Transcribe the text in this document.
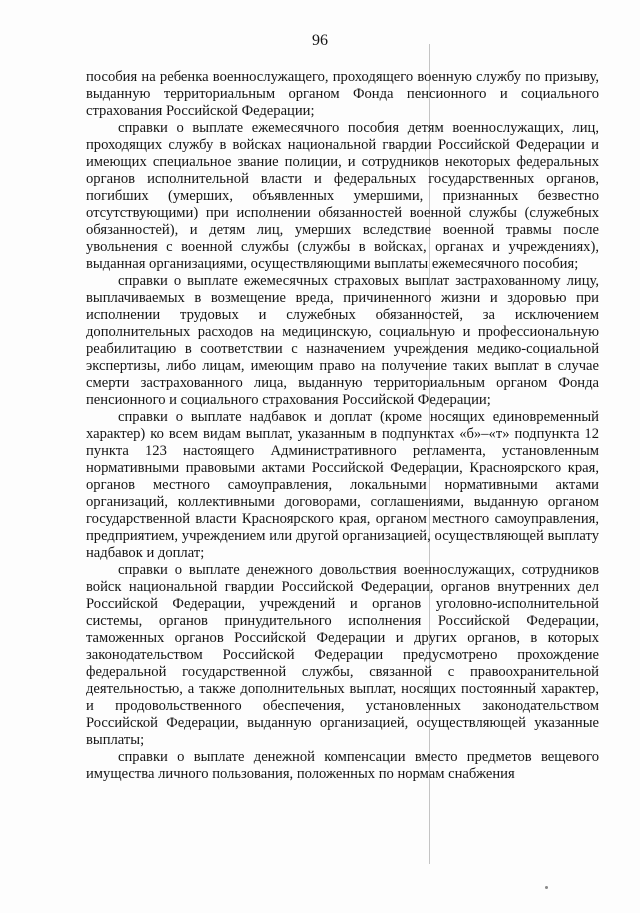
96

пособия на ребенка военнослужащего, проходящего военную службу по призыву, выданную территориальным органом Фонда пенсионного и социального страхования Российской Федерации;

справки о выплате ежемесячного пособия детям военнослужащих, лиц, проходящих службу в войсках национальной гвардии Российской Федерации и имеющих специальное звание полиции, и сотрудников некоторых федеральных органов исполнительной власти и федеральных государственных органов, погибших (умерших, объявленных умершими, признанных безвестно отсутствующими) при исполнении обязанностей военной службы (служебных обязанностей), и детям лиц, умерших вследствие военной травмы после увольнения с военной службы (службы в войсках, органах и учреждениях), выданная организациями, осуществляющими выплаты ежемесячного пособия;

справки о выплате ежемесячных страховых выплат застрахованному лицу, выплачиваемых в возмещение вреда, причиненного жизни и здоровью при исполнении трудовых и служебных обязанностей, за исключением дополнительных расходов на медицинскую, социальную и профессиональную реабилитацию в соответствии с назначением учреждения медико-социальной экспертизы, либо лицам, имеющим право на получение таких выплат в случае смерти застрахованного лица, выданную территориальным органом Фонда пенсионного и социального страхования Российской Федерации;

справки о выплате надбавок и доплат (кроме носящих единовременный характер) ко всем видам выплат, указанным в подпунктах «б»–«т» подпункта 12 пункта 123 настоящего Административного регламента, установленным нормативными правовыми актами Российской Федерации, Красноярского края, органов местного самоуправления, локальными нормативными актами организаций, коллективными договорами, соглашениями, выданную органом государственной власти Красноярского края, органом местного самоуправления, предприятием, учреждением или другой организацией, осуществляющей выплату надбавок и доплат;

справки о выплате денежного довольствия военнослужащих, сотрудников войск национальной гвардии Российской Федерации, органов внутренних дел Российской Федерации, учреждений и органов уголовно-исполнительной системы, органов принудительного исполнения Российской Федерации, таможенных органов Российской Федерации и других органов, в которых законодательством Российской Федерации предусмотрено прохождение федеральной государственной службы, связанной с правоохранительной деятельностью, а также дополнительных выплат, носящих постоянный характер, и продовольственного обеспечения, установленных законодательством Российской Федерации, выданную организацией, осуществляющей указанные выплаты;

справки о выплате денежной компенсации вместо предметов вещевого имущества личного пользования, положенных по нормам снабжения
